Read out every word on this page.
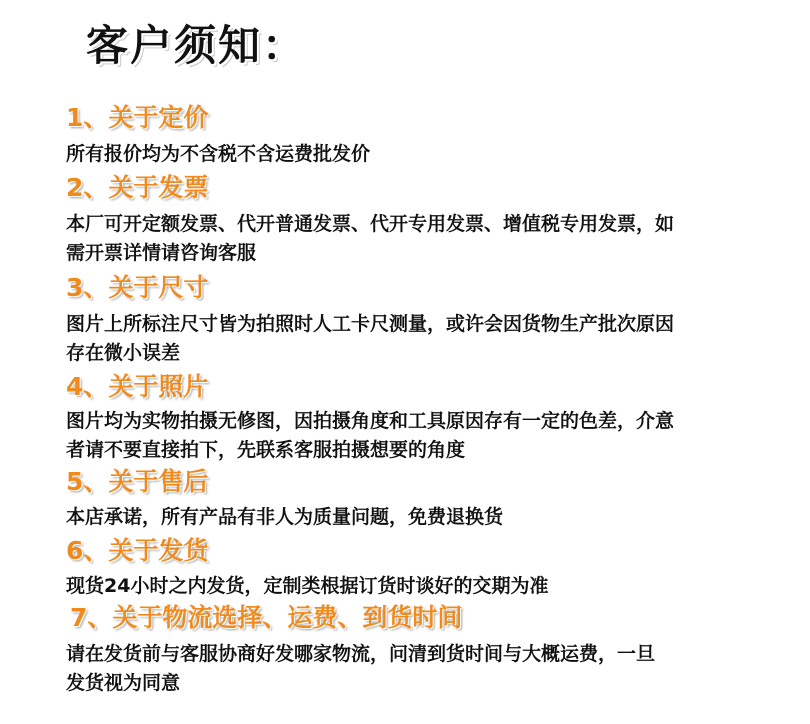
客户须知：
1、关于定价
所有报价均为不含税不含运费批发价
2、关于发票
本厂可开定额发票、代开普通发票、代开专用发票、增值税专用发票，如
需开票详情请咨询客服
3、关于尺寸
图片上所标注尺寸皆为拍照时人工卡尺测量，或许会因货物生产批次原因
存在微小误差
4、关于照片
图片均为实物拍摄无修图，因拍摄角度和工具原因存有一定的色差，介意
者请不要直接拍下，先联系客服拍摄想要的角度
5、关于售后
本店承诺，所有产品有非人为质量问题，免费退换货
6、关于发货
现货24小时之内发货，定制类根据订货时谈好的交期为准
7、关于物流选择、运费、到货时间
请在发货前与客服协商好发哪家物流，问清到货时间与大概运费，一旦
发货视为同意
